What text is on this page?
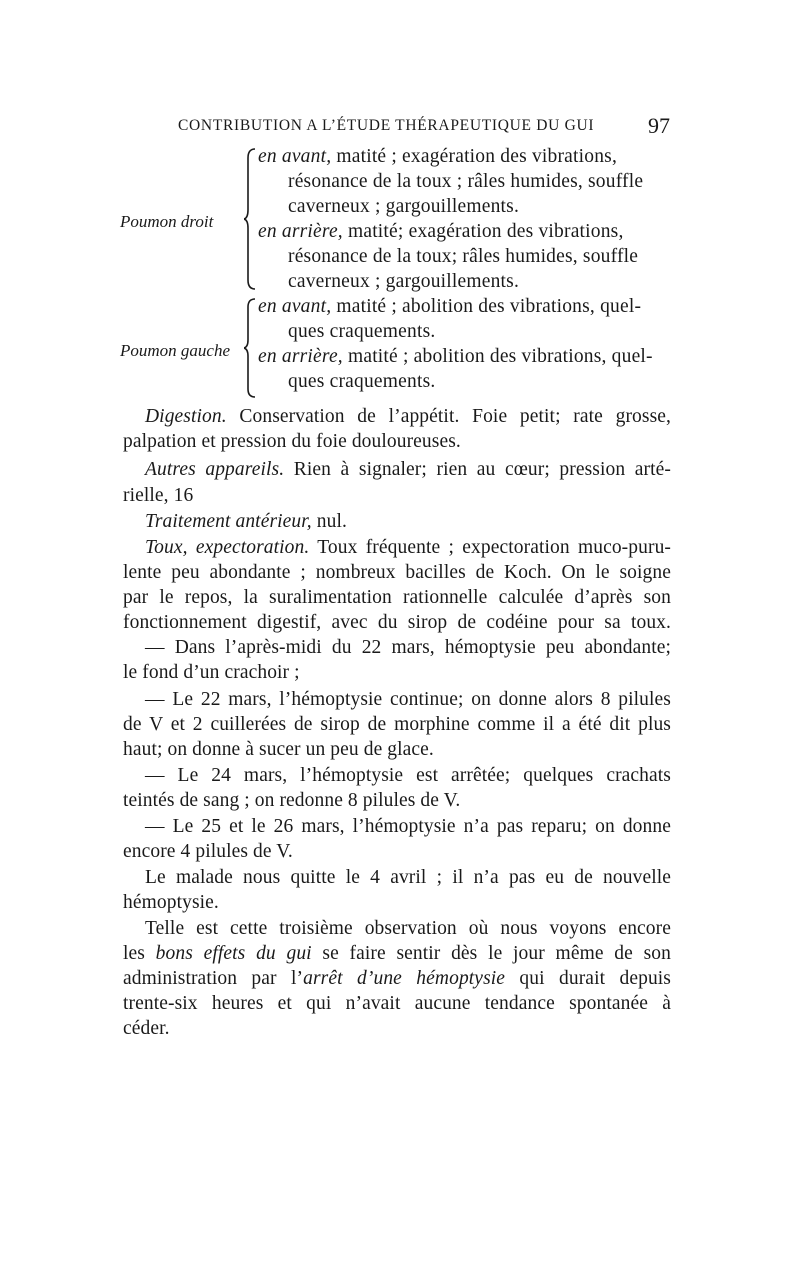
CONTRIBUTION A L’ÉTUDE THÉRAPEUTIQUE DU GUI 97
Poumon droit
en avant, matité ; exagération des vibrations,
résonance de la toux ; râles humides, souffle
caverneux ; gargouillements.
en arrière, matité; exagération des vibrations,
résonance de la toux; râles humides, souffle
caverneux ; gargouillements.
Poumon gauche
en avant, matité ; abolition des vibrations, quel-
ques craquements.
en arrière, matité ; abolition des vibrations, quel-
ques craquements.
Digestion. Conservation de l’appétit. Foie petit; rate grosse,
palpation et pression du foie douloureuses.
Autres appareils. Rien à signaler; rien au cœur; pression arté-
rielle, 16
Traitement antérieur, nul.
Toux, expectoration. Toux fréquente ; expectoration muco-puru-
lente peu abondante ; nombreux bacilles de Koch. On le soigne
par le repos, la suralimentation rationnelle calculée d’après son
fonctionnement digestif, avec du sirop de codéine pour sa toux.
— Dans l’après-midi du 22 mars, hémoptysie peu abondante;
le fond d’un crachoir ;
— Le 22 mars, l’hémoptysie continue; on donne alors 8 pilules
de V et 2 cuillerées de sirop de morphine comme il a été dit plus
haut; on donne à sucer un peu de glace.
— Le 24 mars, l’hémoptysie est arrêtée; quelques crachats
teintés de sang ; on redonne 8 pilules de V.
— Le 25 et le 26 mars, l’hémoptysie n’a pas reparu; on donne
encore 4 pilules de V.
Le malade nous quitte le 4 avril ; il n’a pas eu de nouvelle
hémoptysie.
Telle est cette troisième observation où nous voyons encore
les bons effets du gui se faire sentir dès le jour même de son
administration par l’arrêt d’une hémoptysie qui durait depuis
trente-six heures et qui n’avait aucune tendance spontanée à
céder.
